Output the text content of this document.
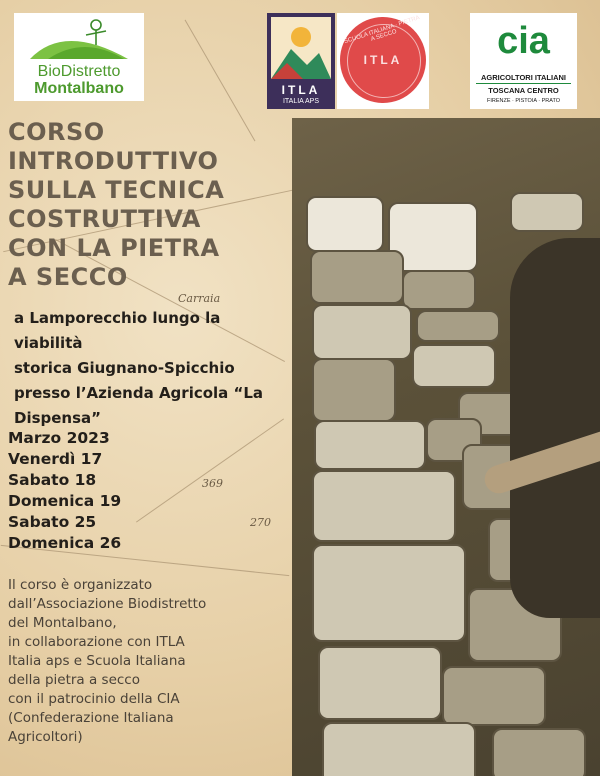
369
270
Carraia
BioDistretto
Montalbano	ITLA
ITALIA APS
SCUOLA ITALIANA · PIETRA A SECCO
ITLA	cia
AGRICOLTORI ITALIANI
TOSCANA CENTRO
FIRENZE · PISTOIA · PRATO
CORSO INTRODUTTIVO
SULLA TECNICA
COSTRUTTIVA
CON LA PIETRA
A SECCO

a Lamporecchio lungo la viabilità
storica Giugnano-Spicchio
presso l’Azienda Agricola “La
Dispensa”

Marzo 2023
Venerdì 17
Sabato 18
Domenica 19
Sabato 25
Domenica 26

Il corso è organizzato
dall’Associazione Biodistretto
del Montalbano,
in collaborazione con ITLA
Italia aps e Scuola Italiana
della pietra a secco
con il patrocinio della CIA
(Confederazione Italiana
Agricoltori)
